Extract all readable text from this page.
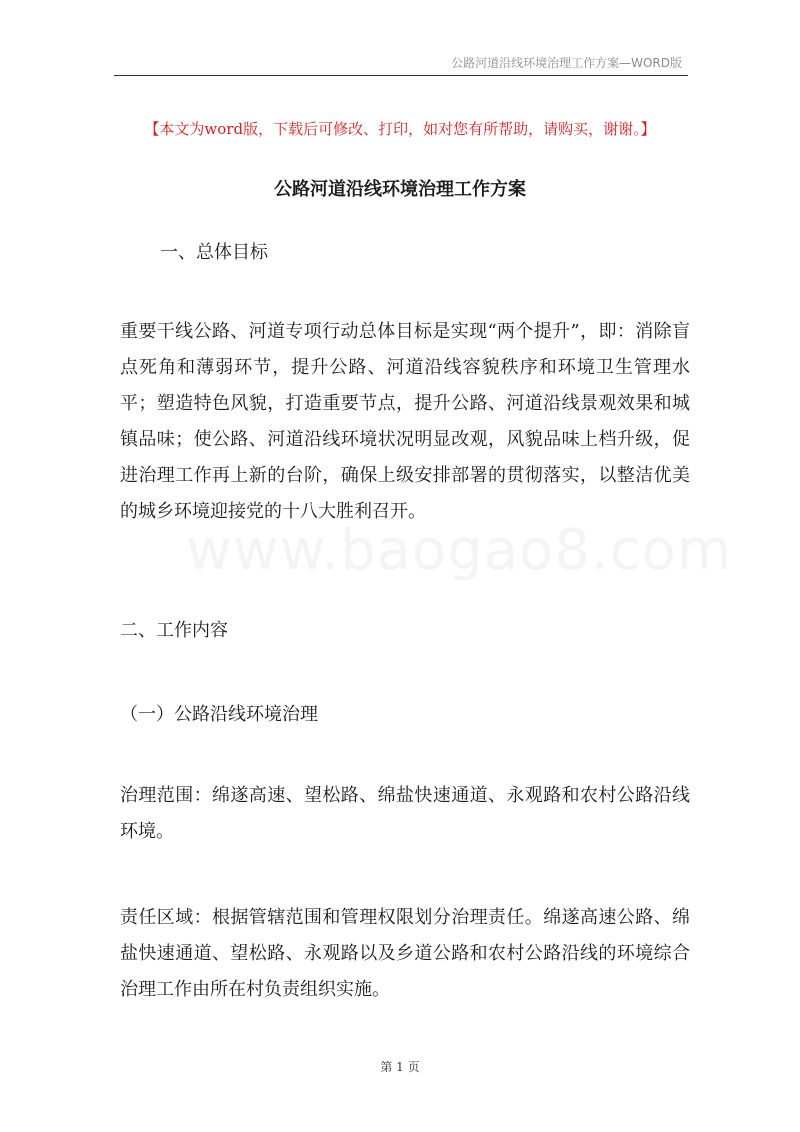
公路河道沿线环境治理工作方案—WORD版
【本文为word版，下载后可修改、打印，如对您有所帮助，请购买，谢谢。】
公路河道沿线环境治理工作方案
一、总体目标
重要干线公路、河道专项行动总体目标是实现“两个提升”，即：消除盲点死角和薄弱环节，提升公路、河道沿线容貌秩序和环境卫生管理水平；塑造特色风貌，打造重要节点，提升公路、河道沿线景观效果和城镇品味；使公路、河道沿线环境状况明显改观，风貌品味上档升级，促进治理工作再上新的台阶，确保上级安排部署的贯彻落实，以整洁优美的城乡环境迎接党的十八大胜利召开。
www.baogao8.com
二、工作内容
（一）公路沿线环境治理
治理范围：绵遂高速、望松路、绵盐快速通道、永观路和农村公路沿线环境。
责任区域：根据管辖范围和管理权限划分治理责任。绵遂高速公路、绵盐快速通道、望松路、永观路以及乡道公路和农村公路沿线的环境综合治理工作由所在村负责组织实施。
第 1 页
